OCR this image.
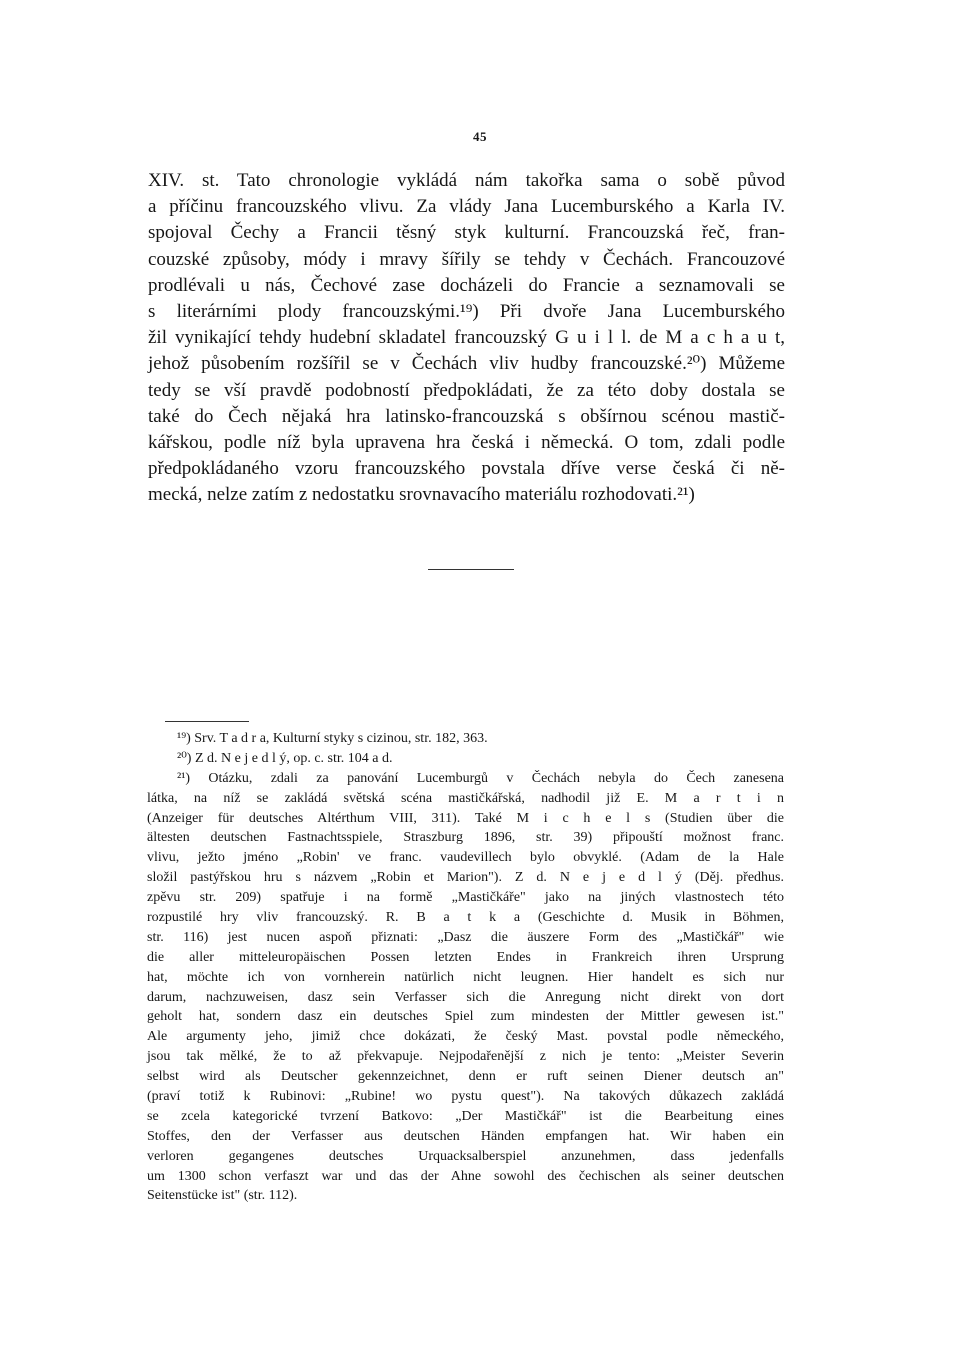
45
XIV. st. Tato chronologie vykládá nám takořka sama o sobě původ
a příčinu francouzského vlivu. Za vlády Jana Lucemburského a Karla IV.
spojoval Čechy a Francii těsný styk kulturní. Francouzská řeč, fran-
couzské způsoby, módy i mravy šířily se tehdy v Čechách. Francouzové
prodlévali u nás, Čechové zase docházeli do Francie a seznamovali se
s literárními plody francouzskými.¹⁹) Při dvoře Jana Lucemburského
žil vynikající tehdy hudební skladatel francouzský G u i l l. de M a c h a u t,
jehož působením rozšířil se v Čechách vliv hudby francouzské.²⁰) Můžeme
tedy se vší pravdě podobností předpokládati, že za této doby dostala se
také do Čech nějaká hra latinsko-francouzská s obšírnou scénou mastič-
kářskou, podle níž byla upravena hra česká i německá. O tom, zdali podle
předpokládaného vzoru francouzského povstala dříve verse česká či ně-
mecká, nelze zatím z nedostatku srovnavacího materiálu rozhodovati.²¹)
¹⁹) Srv. T a d r a, Kulturní styky s cizinou, str. 182, 363.
²⁰) Z d. N e j e d l ý, op. c. str. 104 a d.
²¹) Otázku, zdali za panování Lucemburgů v Čechách nebyla do Čech zanesena
látka, na níž se zakládá světská scéna mastičkářská, nadhodil již E. M a r t i n
(Anzeiger für deutsches Altérthum VIII, 311). Také M i c h e l s (Studien über die
ältesten deutschen Fastnachtsspiele, Straszburg 1896, str. 39) připouští možnost franc.
vlivu, ježto jméno „Robin' ve franc. vaudevillech bylo obvyklé. (Adam de la Hale
složil pastýřskou hru s názvem „Robin et Marion"). Z d. N e j e d l ý (Děj. předhus.
zpěvu str. 209) spatřuje i na formě „Mastičkáře" jako na jiných vlastnostech této
rozpustilé hry vliv francouzský. R. B a t k a (Geschichte d. Musik in Böhmen,
str. 116) jest nucen aspoň přiznati: „Dasz die äuszere Form des „Mastičkář" wie
die aller mitteleuropäischen Possen letzten Endes in Frankreich ihren Ursprung
hat, möchte ich von vornherein natürlich nicht leugnen. Hier handelt es sich nur
darum, nachzuweisen, dasz sein Verfasser sich die Anregung nicht direkt von dort
geholt hat, sondern dasz ein deutsches Spiel zum mindesten der Mittler gewesen ist."
Ale argumenty jeho, jimiž chce dokázati, že český Mast. povstal podle německého,
jsou tak mělké, že to až překvapuje. Nejpodařenější z nich je tento: „Meister Severin
selbst wird als Deutscher gekennzeichnet, denn er ruft seinen Diener deutsch an"
(praví totiž k Rubinovi: „Rubine! wo pystu quest"). Na takových důkazech zakládá
se zcela kategorické tvrzení Batkovo: „Der Mastičkář" ist die Bearbeitung eines
Stoffes, den der Verfasser aus deutschen Händen empfangen hat. Wir haben ein
verloren gegangenes deutsches Urquacksalberspiel anzunehmen, dass jedenfalls
um 1300 schon verfaszt war und das der Ahne sowohl des čechischen als seiner deutschen
Seitenstücke ist" (str. 112).
